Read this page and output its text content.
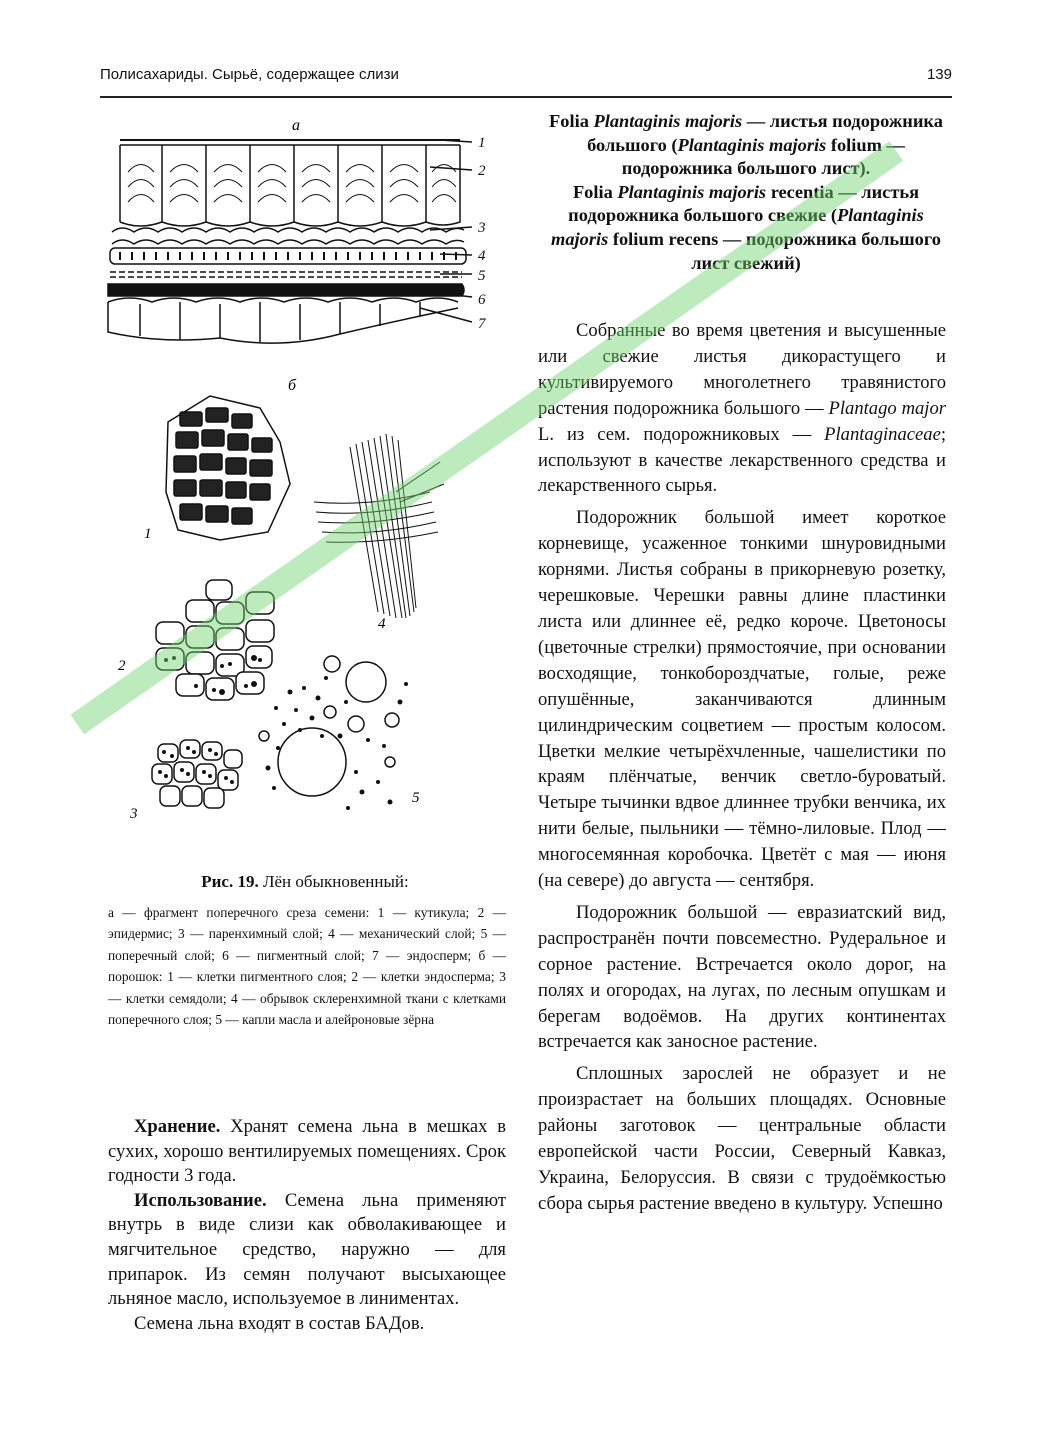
Полисахариды. Сырьё, содержащее слизи	139
а
1
2
3
4
5
6
7
б
1
4
2
5
3
Рис. 19. Лён обыкновенный:
а — фрагмент поперечного среза семени: 1 — кутикула; 2 — эпидермис; 3 — паренхимный слой; 4 — механический слой; 5 — поперечный слой; 6 — пигментный слой; 7 — эндосперм; б — порошок: 1 — клетки пигментного слоя; 2 — клетки эндосперма; 3 — клетки семядоли; 4 — обрывок склеренхимной ткани с клетками поперечного слоя; 5 — капли масла и алейроновые зёрна

Хранение. Хранят семена льна в мешках в сухих, хорошо вентилируемых помещениях. Срок годности 3 года.

Использование. Семена льна применяют внутрь в виде слизи как обволакивающее и мягчительное средство, наружно — для припарок. Из семян получают высыхающее льняное масло, используемое в линиментах.

Семена льна входят в состав БАДов.

Folia Plantaginis majoris — листья подорожника большого (Plantaginis majoris folium — подорожника большого лист).
Folia Plantaginis majoris recentia — листья подорожника большого свежие (Plantaginis majoris folium recens — подорожника большого лист свежий)

Собранные во время цветения и высушенные или свежие листья дикорастущего и культивируемого многолетнего травянистого растения подорожника большого — Plantago major L. из сем. подорожниковых — Plantaginaceae; используют в качестве лекарственного средства и лекарственного сырья.

Подорожник большой имеет короткое корневище, усаженное тонкими шнуровидными корнями. Листья собраны в прикорневую розетку, черешковые. Черешки равны длине пластинки листа или длиннее её, редко короче. Цветоносы (цветочные стрелки) прямостоячие, при основании восходящие, тонкобороздчатые, голые, реже опушённые, заканчиваются длинным цилиндрическим соцветием — простым колосом. Цветки мелкие четырёхчленные, чашелистики по краям плёнчатые, венчик светло-буроватый. Четыре тычинки вдвое длиннее трубки венчика, их нити белые, пыльники — тёмно-лиловые. Плод — многосемянная коробочка. Цветёт с мая — июня (на севере) до августа — сентября.

Подорожник большой — евразиатский вид, распространён почти повсеместно. Рудеральное и сорное растение. Встречается около дорог, на полях и огородах, на лугах, по лесным опушкам и берегам водоёмов. На других континентах встречается как заносное растение.

Сплошных зарослей не образует и не произрастает на больших площадях. Основные районы заготовок — центральные области европейской части России, Северный Кавказ, Украина, Белоруссия. В связи с трудоёмкостью сбора сырья растение введено в культуру. Успешно
